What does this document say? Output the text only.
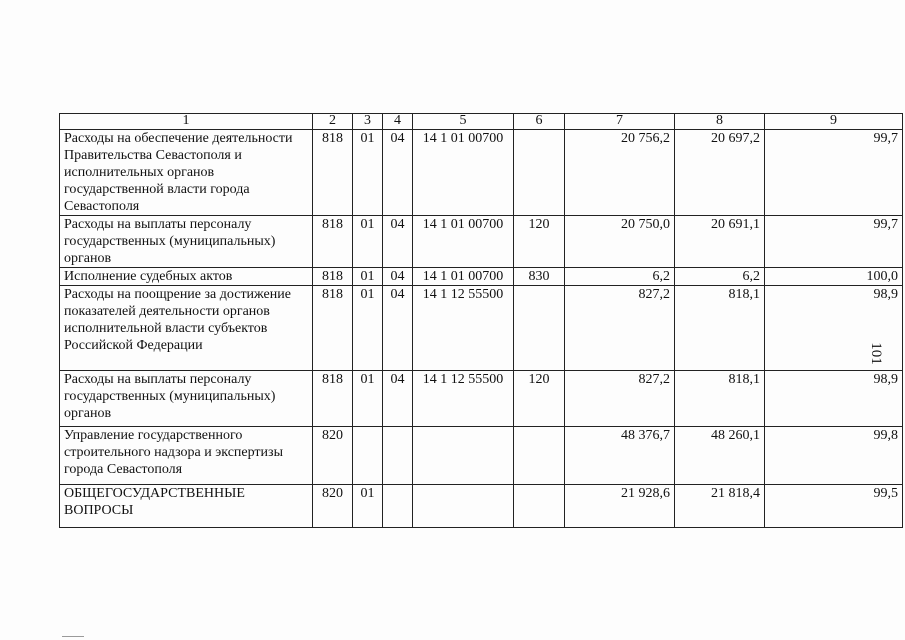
1	2	3	4	5	6	7	8	9
Расходы на обеспечение деятельности Правительства Севастополя и исполнительных органов государственной власти города Севастополя	818	01	04	14 1 01 00700		20 756,2	20 697,2	99,7
Расходы на выплаты персоналу государственных (муниципальных) органов	818	01	04	14 1 01 00700	120	20 750,0	20 691,1	99,7
Исполнение судебных актов	818	01	04	14 1 01 00700	830	6,2	6,2	100,0
Расходы на поощрение за достижение показателей деятельности органов исполнительной власти субъектов Российской Федерации	818	01	04	14 1 12 55500		827,2	818,1	98,9
Расходы на выплаты персоналу государственных (муниципальных) органов	818	01	04	14 1 12 55500	120	827,2	818,1	98,9
Управление государственного строительного надзора и экспертизы города Севастополя	820					48 376,7	48 260,1	99,8
ОБЩЕГОСУДАРСТВЕННЫЕ ВОПРОСЫ	820	01				21 928,6	21 818,4	99,5
101
